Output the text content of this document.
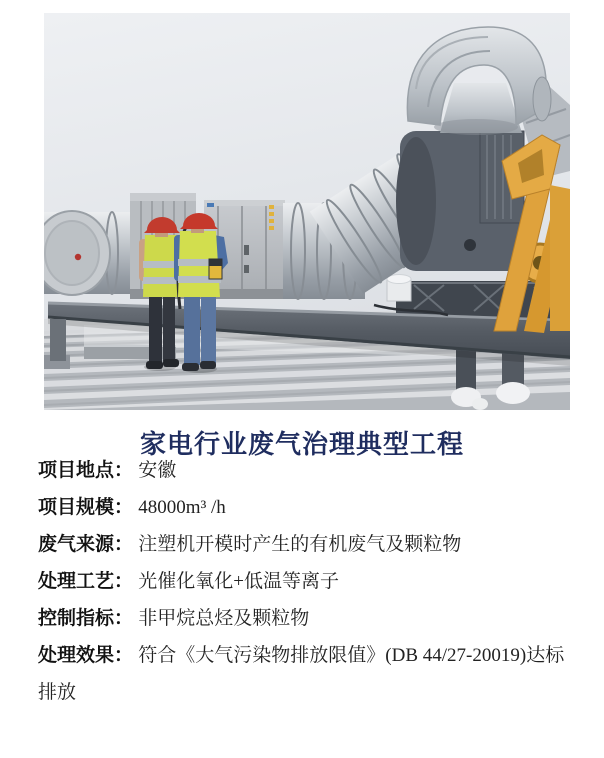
家电行业废气治理典型工程

项目地点： 安徽

项目规模： 48000m³ /h

废气来源： 注塑机开模时产生的有机废气及颗粒物

处理工艺： 光催化氧化+低温等离子

控制指标： 非甲烷总烃及颗粒物

处理效果： 符合《大气污染物排放限值》(DB 44/27-20019)达标排放
